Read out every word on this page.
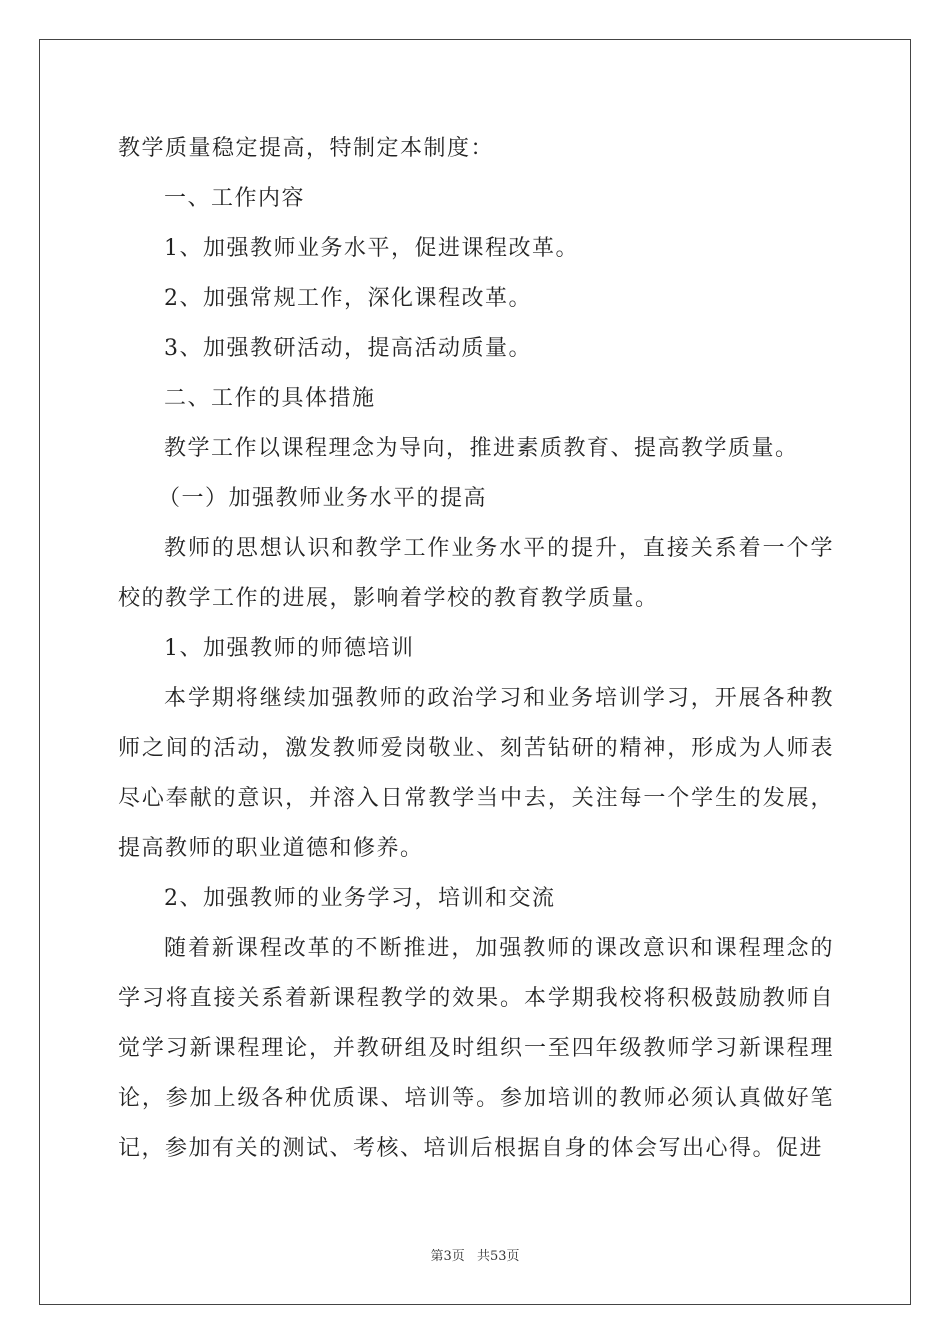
教学质量稳定提高，特制定本制度：

一、工作内容

1、加强教师业务水平，促进课程改革。

2、加强常规工作，深化课程改革。

3、加强教研活动，提高活动质量。

二、工作的具体措施

教学工作以课程理念为导向，推进素质教育、提高教学质量。

（一）加强教师业务水平的提高

教师的思想认识和教学工作业务水平的提升，直接关系着一个学校的教学工作的进展，影响着学校的教育教学质量。

1、加强教师的师德培训

本学期将继续加强教师的政治学习和业务培训学习，开展各种教师之间的活动，激发教师爱岗敬业、刻苦钻研的精神，形成为人师表尽心奉献的意识，并溶入日常教学当中去，关注每一个学生的发展，提高教师的职业道德和修养。

2、加强教师的业务学习，培训和交流

随着新课程改革的不断推进，加强教师的课改意识和课程理念的学习将直接关系着新课程教学的效果。本学期我校将积极鼓励教师自觉学习新课程理论，并教研组及时组织一至四年级教师学习新课程理论，参加上级各种优质课、培训等。参加培训的教师必须认真做好笔记，参加有关的测试、考核、培训后根据自身的体会写出心得。促进

第3页 共53页
